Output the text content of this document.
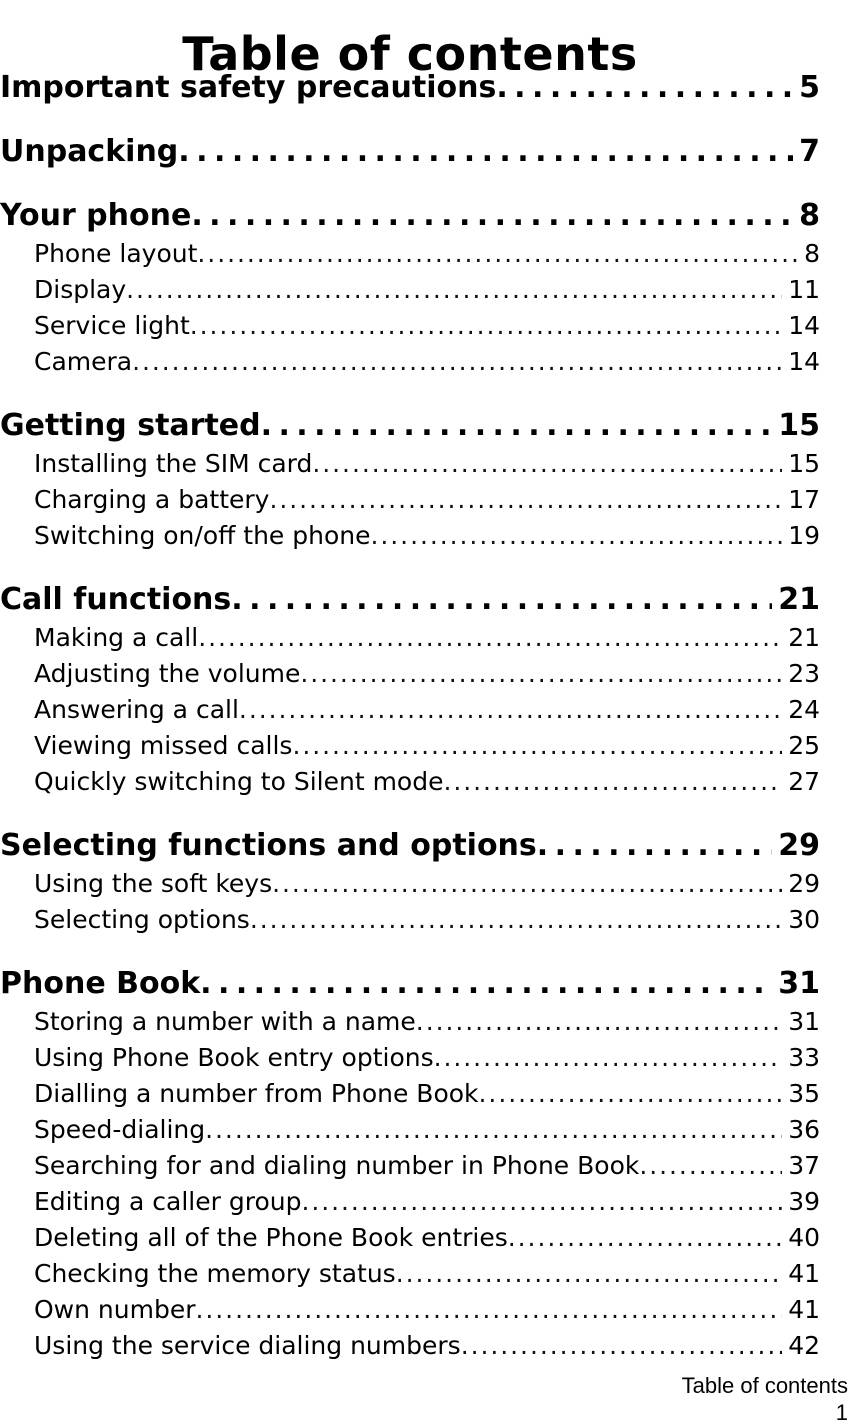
Table of contents
Important safety precautions . . .	5
Unpacking . . .	7
Your phone . . .	8
Phone layout . . .	8
Display . . .	11
Service light . . .	14
Camera . . .	14
Getting started . . .	15
Installing the SIM card . . .	15
Charging a battery . . .	17
Switching on/off the phone . . .	19
Call functions . . .	21
Making a call . . .	21
Adjusting the volume . . .	23
Answering a call . . .	24
Viewing missed calls . . .	25
Quickly switching to Silent mode . . .	27
Selecting functions and options . . .	29
Using the soft keys . . .	29
Selecting options . . .	30
Phone Book . . .	31
Storing a number with a name . . .	31
Using Phone Book entry options . . .	33
Dialling a number from Phone Book . . .	35
Speed-dialing . . .	36
Searching for and dialing number in Phone Book . . .	37
Editing a caller group . . .	39
Deleting all of the Phone Book entries . . .	40
Checking the memory status . . .	41
Own number . . .	41
Using the service dialing numbers . . .	42
Table of contents
1
